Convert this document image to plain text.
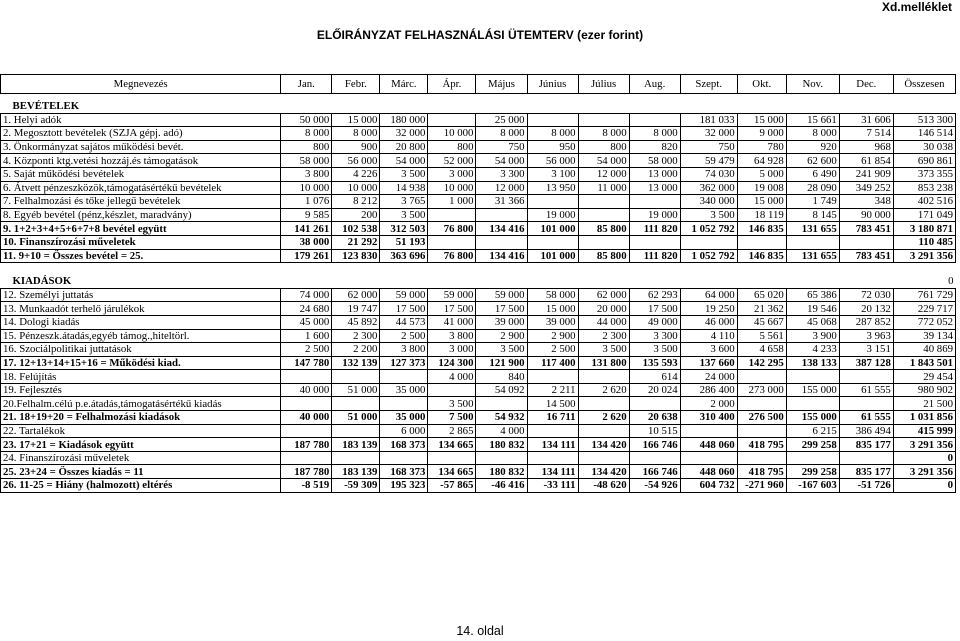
Xd.melléklet
ELŐIRÁNYZAT FELHASZNÁLÁSI ÜTEMTERV (ezer forint)
Megnevezés	Jan.	Febr.	Márc.	Ápr.	Május	Június	Július	Aug.	Szept.	Okt.	Nov.	Dec.	Összesen

BEVÉTELEK													
1. Helyi adók	50 000	15 000	180 000		25 000				181 033	15 000	15 661	31 606	513 300
2. Megosztott bevételek (SZJA gépj. adó)	8 000	8 000	32 000	10 000	8 000	8 000	8 000	8 000	32 000	9 000	8 000	7 514	146 514
3. Önkormányzat sajátos működési bevét.	800	900	20 800	800	750	950	800	820	750	780	920	968	30 038
4. Központi ktg.vetési hozzáj.és támogatások	58 000	56 000	54 000	52 000	54 000	56 000	54 000	58 000	59 479	64 928	62 600	61 854	690 861
5. Saját működési bevételek	3 800	4 226	3 500	3 000	3 300	3 100	12 000	13 000	74 030	5 000	6 490	241 909	373 355
6. Átvett pénzeszközök,támogatásértékű bevételek	10 000	10 000	14 938	10 000	12 000	13 950	11 000	13 000	362 000	19 008	28 090	349 252	853 238
7. Felhalmozási és tőke jellegű bevételek	1 076	8 212	3 765	1 000	31 366				340 000	15 000	1 749	348	402 516
8. Egyéb bevétel (pénz,készlet, maradvány)	9 585	200	3 500			19 000		19 000	3 500	18 119	8 145	90 000	171 049
9. 1+2+3+4+5+6+7+8 bevétel együtt	141 261	102 538	312 503	76 800	134 416	101 000	85 800	111 820	1 052 792	146 835	131 655	783 451	3 180 871
10. Finanszírozási műveletek	38 000	21 292	51 193										110 485
11. 9+10 = Összes bevétel = 25.	179 261	123 830	363 696	76 800	134 416	101 000	85 800	111 820	1 052 792	146 835	131 655	783 451	3 291 356

KIADÁSOK													0
12. Személyi juttatás	74 000	62 000	59 000	59 000	59 000	58 000	62 000	62 293	64 000	65 020	65 386	72 030	761 729
13. Munkaadót terhelő járulékok	24 680	19 747	17 500	17 500	17 500	15 000	20 000	17 500	19 250	21 362	19 546	20 132	229 717
14. Dologi kiadás	45 000	45 892	44 573	41 000	39 000	39 000	44 000	49 000	46 000	45 667	45 068	287 852	772 052
15. Pénzeszk.átadás,egyéb támog.,hiteltörl.	1 600	2 300	2 500	3 800	2 900	2 900	2 300	3 300	4 110	5 561	3 900	3 963	39 134
16. Szociálpolitikai juttatások	2 500	2 200	3 800	3 000	3 500	2 500	3 500	3 500	3 600	4 658	4 233	3 151	40 869
17. 12+13+14+15+16 = Működési kiad.	147 780	132 139	127 373	124 300	121 900	117 400	131 800	135 593	137 660	142 295	138 133	387 128	1 843 501
18. Felújítás				4 000	840			614	24 000				29 454
19. Fejlesztés	40 000	51 000	35 000		54 092	2 211	2 620	20 024	286 400	273 000	155 000	61 555	980 902
20.Felhalm.célú p.e.átadás,támogatásértékű kiadás				3 500		14 500			2 000				21 500
21. 18+19+20 = Felhalmozási kiadások	40 000	51 000	35 000	7 500	54 932	16 711	2 620	20 638	310 400	276 500	155 000	61 555	1 031 856
22. Tartalékok			6 000	2 865	4 000			10 515			6 215	386 494	415 999
23. 17+21 = Kiadások együtt	187 780	183 139	168 373	134 665	180 832	134 111	134 420	166 746	448 060	418 795	299 258	835 177	3 291 356
24. Finanszírozási műveletek													0
25. 23+24 = Összes kiadás = 11	187 780	183 139	168 373	134 665	180 832	134 111	134 420	166 746	448 060	418 795	299 258	835 177	3 291 356
26. 11-25 = Hiány (halmozott) eltérés	-8 519	-59 309	195 323	-57 865	-46 416	-33 111	-48 620	-54 926	604 732	-271 960	-167 603	-51 726	0
14. oldal
